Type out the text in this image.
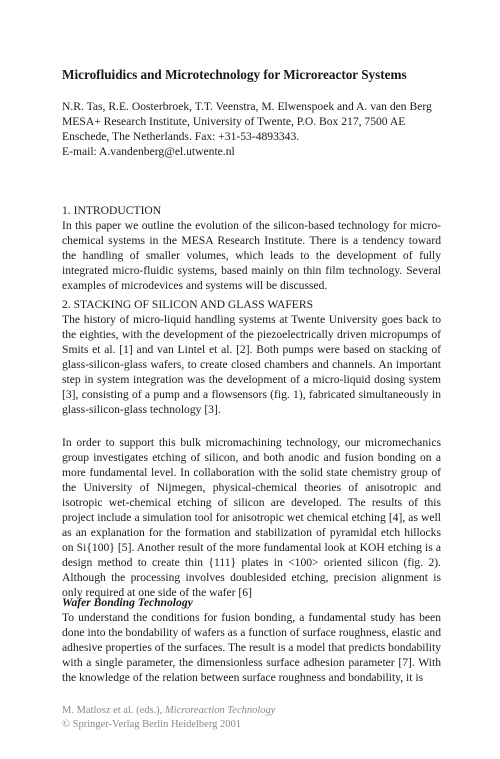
Microfluidics and Microtechnology for Microreactor Systems
N.R. Tas, R.E. Oosterbroek, T.T. Veenstra, M. Elwenspoek and A. van den Berg
MESA+ Research Institute, University of Twente, P.O. Box 217, 7500 AE
Enschede, The Netherlands. Fax: +31-53-4893343.
E-mail: A.vandenberg@el.utwente.nl
1. INTRODUCTION

In this paper we outline the evolution of the silicon-based technology for micro-chemical systems in the MESA Research Institute. There is a tendency toward the handling of smaller volumes, which leads to the development of fully integrated micro-fluidic systems, based mainly on thin film technology. Several examples of microdevices and systems will be discussed.

2. STACKING OF SILICON AND GLASS WAFERS

The history of micro-liquid handling systems at Twente University goes back to the eighties, with the development of the piezoelectrically driven micropumps of Smits et al. [1] and van Lintel et al. [2]. Both pumps were based on stacking of glass-silicon-glass wafers, to create closed chambers and channels. An important step in system integration was the development of a micro-liquid dosing system [3], consisting of a pump and a flowsensors (fig. 1), fabricated simultaneously in glass-silicon-glass technology [3].

In order to support this bulk micromachining technology, our micromechanics group investigates etching of silicon, and both anodic and fusion bonding on a more fundamental level. In collaboration with the solid state chemistry group of the University of Nijmegen, physical-chemical theories of anisotropic and isotropic wet-chemical etching of silicon are developed. The results of this project include a simulation tool for anisotropic wet chemical etching [4], as well as an explanation for the formation and stabilization of pyramidal etch hillocks on Si{100} [5]. Another result of the more fundamental look at KOH etching is a design method to create thin {111} plates in <100> oriented silicon (fig. 2). Although the processing involves doublesided etching, precision alignment is only required at one side of the wafer [6]

Wafer Bonding Technology

To understand the conditions for fusion bonding, a fundamental study has been done into the bondability of wafers as a function of surface roughness, elastic and adhesive properties of the surfaces. The result is a model that predicts bondability with a single parameter, the dimensionless surface adhesion parameter [7]. With the knowledge of the relation between surface roughness and bondability, it is

M. Matlosz et al. (eds.), Microreaction Technology
© Springer-Verlag Berlin Heidelberg 2001
